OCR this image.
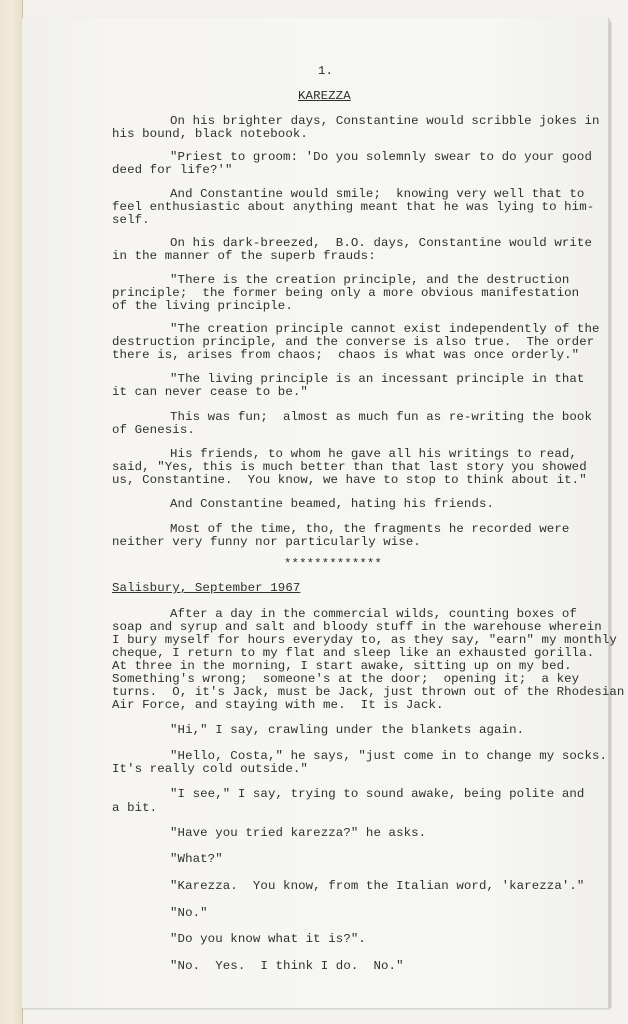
1.
KAREZZA
On his brighter days, Constantine would scribble jokes in
his bound, black notebook.
"Priest to groom: 'Do you solemnly swear to do your good
deed for life?'"
And Constantine would smile;  knowing very well that to
feel enthusiastic about anything meant that he was lying to him-
self.
On his dark-breezed,  B.O. days, Constantine would write
in the manner of the superb frauds:
"There is the creation principle, and the destruction
principle;  the former being only a more obvious manifestation
of the living principle.
"The creation principle cannot exist independently of the
destruction principle, and the converse is also true.  The order
there is, arises from chaos;  chaos is what was once orderly."
"The living principle is an incessant principle in that
it can never cease to be."
This was fun;  almost as much fun as re-writing the book
of Genesis.
His friends, to whom he gave all his writings to read,
said, "Yes, this is much better than that last story you showed
us, Constantine.  You know, we have to stop to think about it."
And Constantine beamed, hating his friends.
Most of the time, tho, the fragments he recorded were
neither very funny nor particularly wise.
*************
Salisbury, September 1967
After a day in the commercial wilds, counting boxes of
soap and syrup and salt and bloody stuff in the warehouse wherein
I bury myself for hours everyday to, as they say, "earn" my monthly
cheque, I return to my flat and sleep like an exhausted gorilla.
At three in the morning, I start awake, sitting up on my bed.
Something's wrong;  someone's at the door;  opening it;  a key
turns.  O, it's Jack, must be Jack, just thrown out of the Rhodesian
Air Force, and staying with me.  It is Jack.
"Hi," I say, crawling under the blankets again.
"Hello, Costa," he says, "just come in to change my socks.
It's really cold outside."
"I see," I say, trying to sound awake, being polite and
a bit.
"Have you tried karezza?" he asks.
"What?"
"Karezza.  You know, from the Italian word, 'karezza'."
"No."
"Do you know what it is?".
"No.  Yes.  I think I do.  No."
